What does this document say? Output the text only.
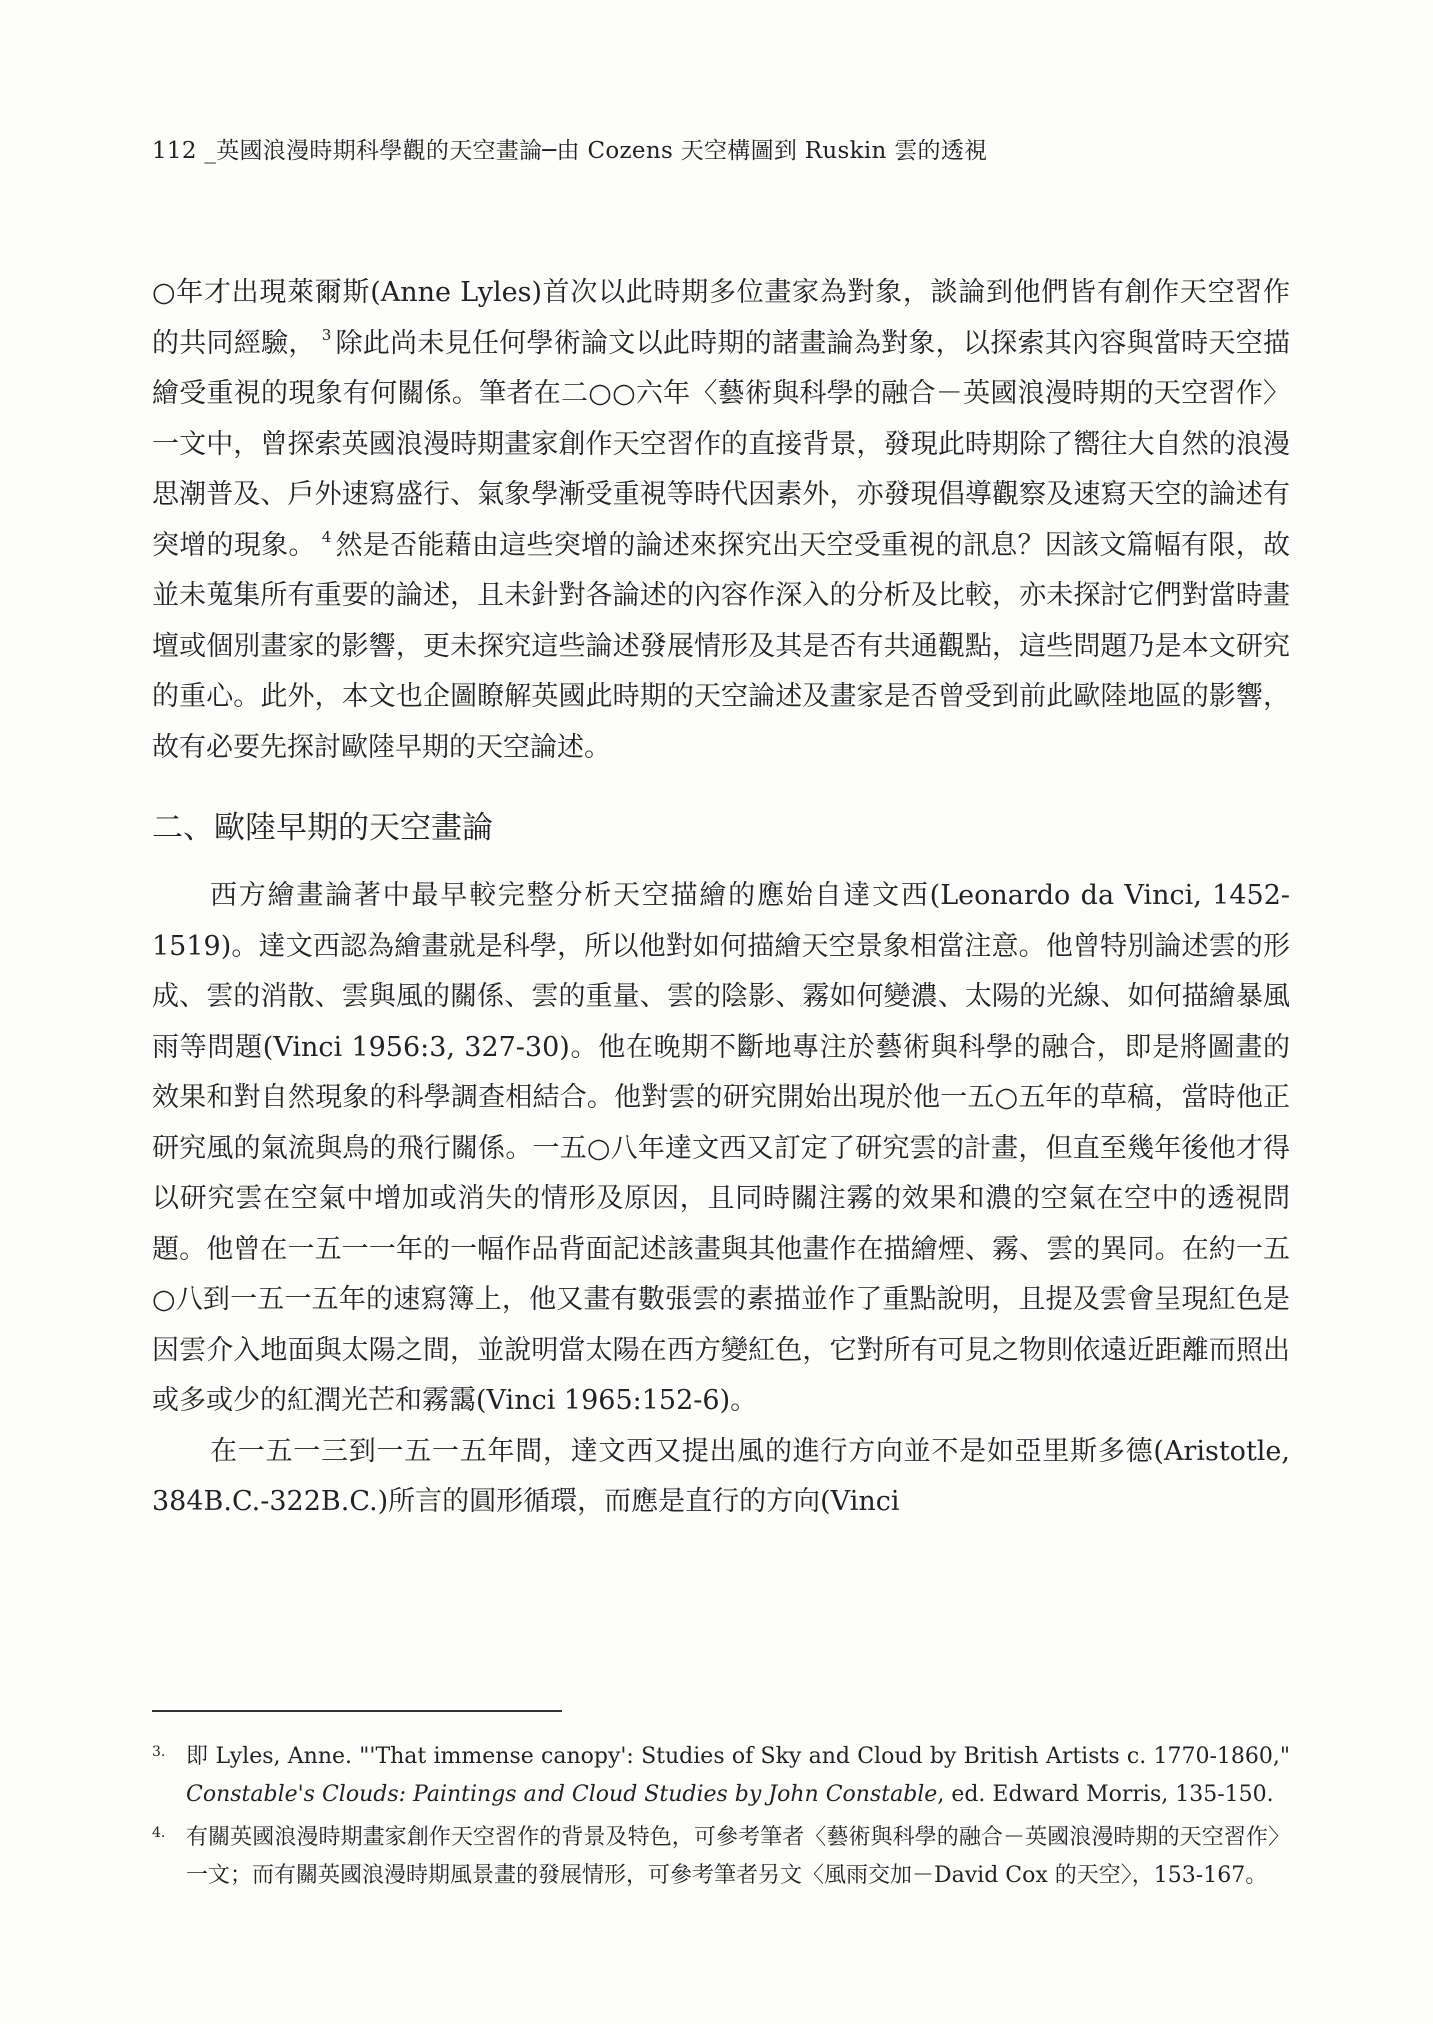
112 _英國浪漫時期科學觀的天空畫論─由 Cozens 天空構圖到 Ruskin 雲的透視

○年才出現萊爾斯(Anne Lyles)首次以此時期多位畫家為對象，談論到他們皆有創作天空習作的共同經驗， $^3$ 除此尚未見任何學術論文以此時期的諸畫論為對象，以探索其內容與當時天空描繪受重視的現象有何關係。筆者在二○○六年〈藝術與科學的融合－英國浪漫時期的天空習作〉一文中，曾探索英國浪漫時期畫家創作天空習作的直接背景，發現此時期除了嚮往大自然的浪漫思潮普及、戶外速寫盛行、氣象學漸受重視等時代因素外，亦發現倡導觀察及速寫天空的論述有突增的現象。 $^4$ 然是否能藉由這些突增的論述來探究出天空受重視的訊息？因該文篇幅有限，故並未蒐集所有重要的論述，且未針對各論述的內容作深入的分析及比較，亦未探討它們對當時畫壇或個別畫家的影響，更未探究這些論述發展情形及其是否有共通觀點，這些問題乃是本文研究的重心。此外，本文也企圖瞭解英國此時期的天空論述及畫家是否曾受到前此歐陸地區的影響，故有必要先探討歐陸早期的天空論述。

二、歐陸早期的天空畫論

西方繪畫論著中最早較完整分析天空描繪的應始自達文西(Leonardo da Vinci, 1452-1519)。達文西認為繪畫就是科學，所以他對如何描繪天空景象相當注意。他曾特別論述雲的形成、雲的消散、雲與風的關係、雲的重量、雲的陰影、霧如何變濃、太陽的光線、如何描繪暴風雨等問題(Vinci 1956:3, 327-30)。他在晚期不斷地專注於藝術與科學的融合，即是將圖畫的效果和對自然現象的科學調查相結合。他對雲的研究開始出現於他一五○五年的草稿，當時他正研究風的氣流與鳥的飛行關係。一五○八年達文西又訂定了研究雲的計畫，但直至幾年後他才得以研究雲在空氣中增加或消失的情形及原因，且同時關注霧的效果和濃的空氣在空中的透視問題。他曾在一五一一年的一幅作品背面記述該畫與其他畫作在描繪煙、霧、雲的異同。在約一五○八到一五一五年的速寫簿上，他又畫有數張雲的素描並作了重點說明，且提及雲會呈現紅色是因雲介入地面與太陽之間，並說明當太陽在西方變紅色，它對所有可見之物則依遠近距離而照出或多或少的紅潤光芒和霧靄(Vinci 1965:152-6)。

在一五一三到一五一五年間，達文西又提出風的進行方向並不是如亞里斯多德(Aristotle, 384B.C.-322B.C.)所言的圓形循環，而應是直行的方向(Vinci

3. 即 Lyles, Anne. "'That immense canopy': Studies of Sky and Cloud by British Artists c. 1770-1860," Constable's Clouds: Paintings and Cloud Studies by John Constable, ed. Edward Morris, 135-150.
4. 有關英國浪漫時期畫家創作天空習作的背景及特色，可參考筆者〈藝術與科學的融合－英國浪漫時期的天空習作〉一文；而有關英國浪漫時期風景畫的發展情形，可參考筆者另文〈風雨交加－David Cox 的天空〉，153-167。
